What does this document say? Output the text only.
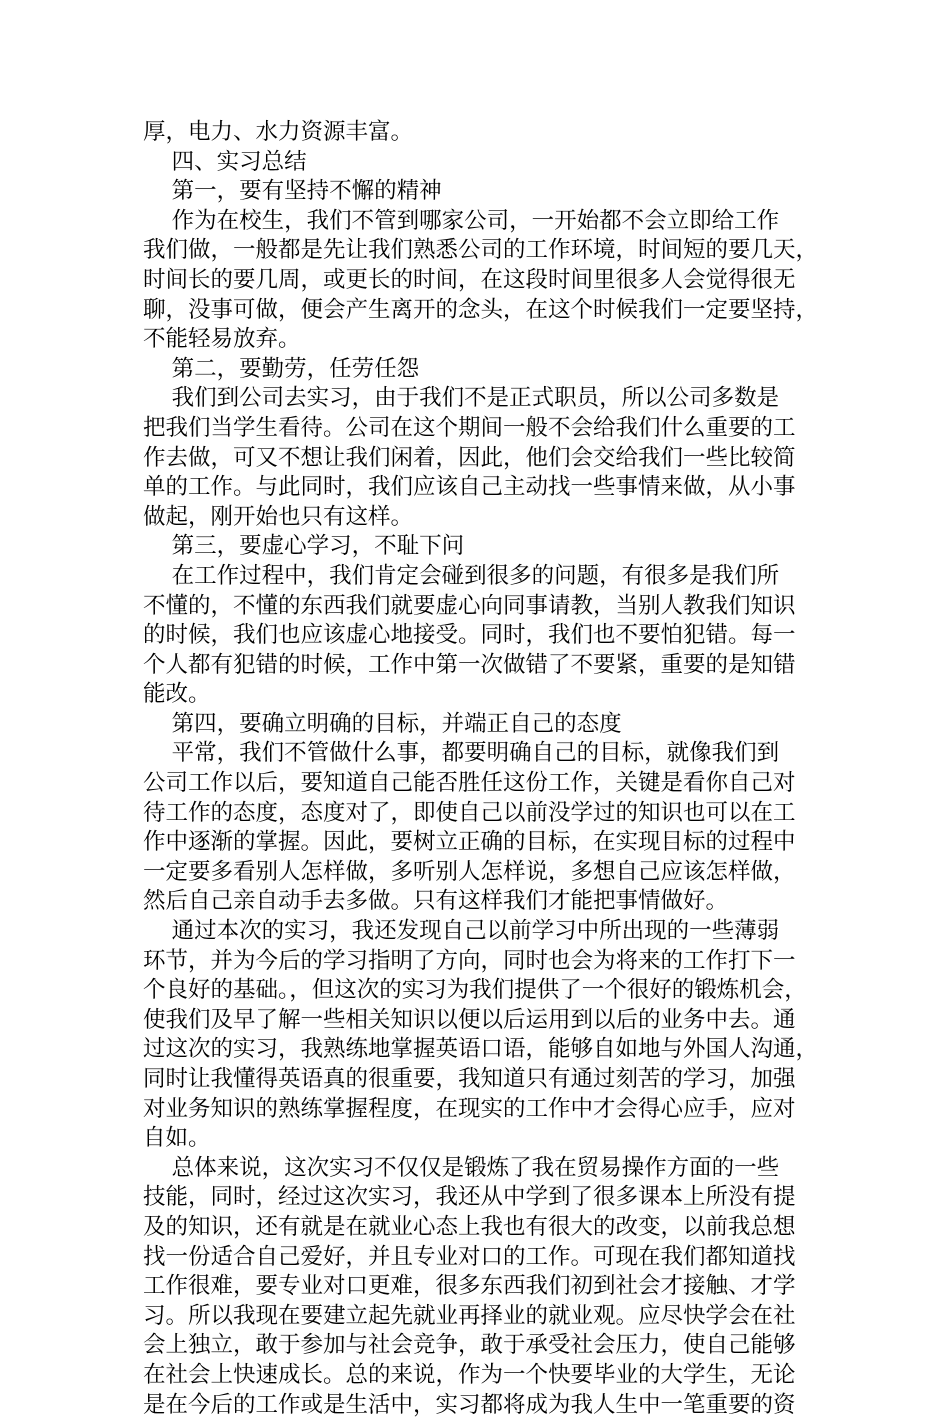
厚，电力、水力资源丰富。
四、实习总结
第一，要有坚持不懈的精神
作为在校生，我们不管到哪家公司，一开始都不会立即给工作
我们做，一般都是先让我们熟悉公司的工作环境，时间短的要几天，
时间长的要几周，或更长的时间，在这段时间里很多人会觉得很无
聊，没事可做，便会产生离开的念头，在这个时候我们一定要坚持，
不能轻易放弃。
第二，要勤劳，任劳任怨
我们到公司去实习，由于我们不是正式职员，所以公司多数是
把我们当学生看待。公司在这个期间一般不会给我们什么重要的工
作去做，可又不想让我们闲着，因此，他们会交给我们一些比较简
单的工作。与此同时，我们应该自己主动找一些事情来做，从小事
做起，刚开始也只有这样。
第三，要虚心学习，不耻下问
在工作过程中，我们肯定会碰到很多的问题，有很多是我们所
不懂的，不懂的东西我们就要虚心向同事请教，当别人教我们知识
的时候，我们也应该虚心地接受。同时，我们也不要怕犯错。每一
个人都有犯错的时候，工作中第一次做错了不要紧，重要的是知错
能改。
第四，要确立明确的目标，并端正自己的态度
平常，我们不管做什么事，都要明确自己的目标，就像我们到
公司工作以后，要知道自己能否胜任这份工作，关键是看你自己对
待工作的态度，态度对了，即使自己以前没学过的知识也可以在工
作中逐渐的掌握。因此，要树立正确的目标，在实现目标的过程中
一定要多看别人怎样做，多听别人怎样说，多想自己应该怎样做，
然后自己亲自动手去多做。只有这样我们才能把事情做好。
通过本次的实习，我还发现自己以前学习中所出现的一些薄弱
环节，并为今后的学习指明了方向，同时也会为将来的工作打下一
个良好的基础。，但这次的实习为我们提供了一个很好的锻炼机会，
使我们及早了解一些相关知识以便以后运用到以后的业务中去。通
过这次的实习，我熟练地掌握英语口语，能够自如地与外国人沟通，
同时让我懂得英语真的很重要，我知道只有通过刻苦的学习，加强
对业务知识的熟练掌握程度，在现实的工作中才会得心应手，应对
自如。
总体来说，这次实习不仅仅是锻炼了我在贸易操作方面的一些
技能，同时，经过这次实习，我还从中学到了很多课本上所没有提
及的知识，还有就是在就业心态上我也有很大的改变，以前我总想
找一份适合自己爱好，并且专业对口的工作。可现在我们都知道找
工作很难，要专业对口更难，很多东西我们初到社会才接触、才学
习。所以我现在要建立起先就业再择业的就业观。应尽快学会在社
会上独立，敢于参加与社会竞争，敢于承受社会压力，使自己能够
在社会上快速成长。总的来说，作为一个快要毕业的大学生，无论
是在今后的工作或是生活中，实习都将成为我人生中一笔重要的资
